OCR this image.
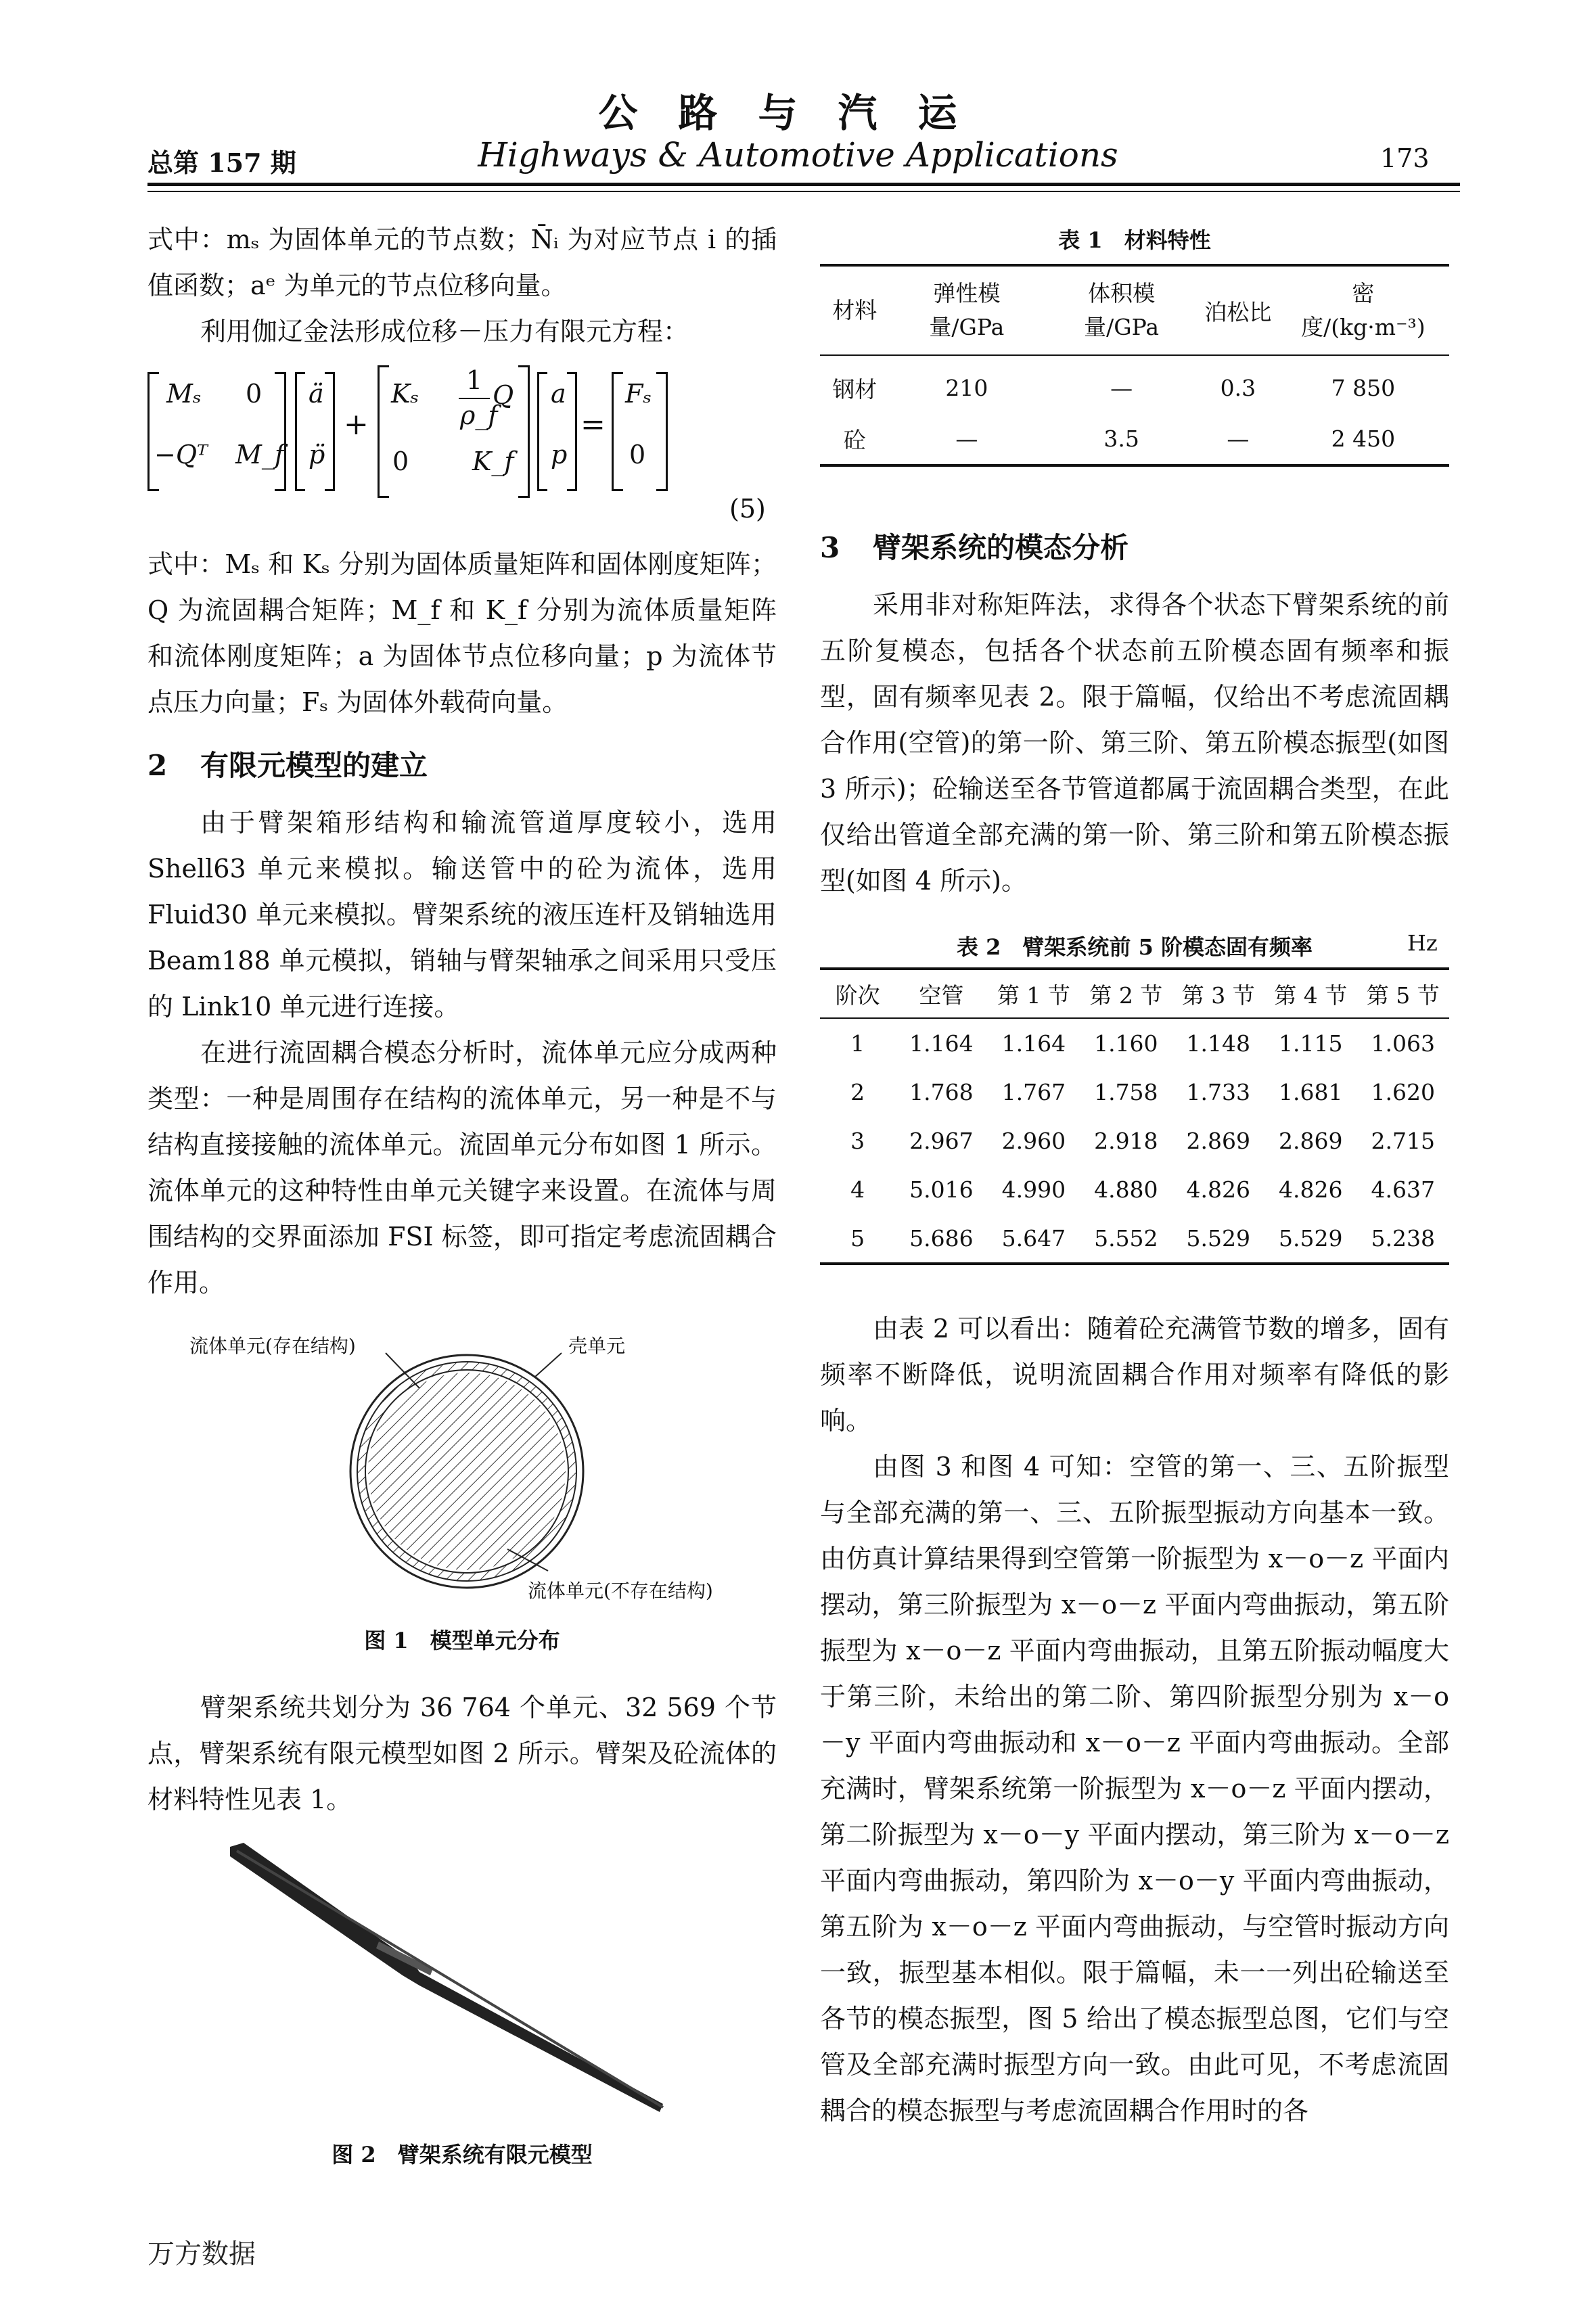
公路与汽运
总第 157 期	Highways & Automotive Applications	173

式中：mₛ 为固体单元的节点数；N̄ᵢ 为对应节点 i 的插值函数；aᵉ 为单元的节点位移向量。

利用伽辽金法形成位移－压力有限元方程：

Mₛ 0
−Qᵀ M_f
ä
p̈
+
Kₛ 1
ρ_f
Q
0 K_f
a
p
=
Fₛ
0
(5)

式中：Mₛ 和 Kₛ 分别为固体质量矩阵和固体刚度矩阵；Q 为流固耦合矩阵；M_f 和 K_f 分别为流体质量矩阵和流体刚度矩阵；a 为固体节点位移向量；p 为流体节点压力向量；Fₛ 为固体外载荷向量。

2 有限元模型的建立

由于臂架箱形结构和输流管道厚度较小，选用 Shell63 单元来模拟。输送管中的砼为流体，选用 Fluid30 单元来模拟。臂架系统的液压连杆及销轴选用 Beam188 单元模拟，销轴与臂架轴承之间采用只受压的 Link10 单元进行连接。

在进行流固耦合模态分析时，流体单元应分成两种类型：一种是周围存在结构的流体单元，另一种是不与结构直接接触的流体单元。流固单元分布如图 1 所示。流体单元的这种特性由单元关键字来设置。在流体与周围结构的交界面添加 FSI 标签，即可指定考虑流固耦合作用。

流体单元(存在结构)	壳单元
流体单元(不存在结构)
图 1　模型单元分布

臂架系统共划分为 36 764 个单元、32 569 个节点，臂架系统有限元模型如图 2 所示。臂架及砼流体的材料特性见表 1。

图 2　臂架系统有限元模型
表 1　材料特性
材料	弹性模量/GPa	体积模量/GPa	泊松比	密度/(kg·m⁻³)
钢材	210	—	0.3	7 850
砼	—	3.5	—	2 450

3 臂架系统的模态分析

采用非对称矩阵法，求得各个状态下臂架系统的前五阶复模态，包括各个状态前五阶模态固有频率和振型，固有频率见表 2。限于篇幅，仅给出不考虑流固耦合作用(空管)的第一阶、第三阶、第五阶模态振型(如图 3 所示)；砼输送至各节管道都属于流固耦合类型，在此仅给出管道全部充满的第一阶、第三阶和第五阶模态振型(如图 4 所示)。

表 2　臂架系统前 5 阶模态固有频率	Hz
阶次	空管	第 1 节	第 2 节	第 3 节	第 4 节	第 5 节
1	1.164	1.164	1.160	1.148	1.115	1.063
2	1.768	1.767	1.758	1.733	1.681	1.620
3	2.967	2.960	2.918	2.869	2.869	2.715
4	5.016	4.990	4.880	4.826	4.826	4.637
5	5.686	5.647	5.552	5.529	5.529	5.238

由表 2 可以看出：随着砼充满管节数的增多，固有频率不断降低，说明流固耦合作用对频率有降低的影响。

由图 3 和图 4 可知：空管的第一、三、五阶振型与全部充满的第一、三、五阶振型振动方向基本一致。由仿真计算结果得到空管第一阶振型为 x－o－z 平面内摆动，第三阶振型为 x－o－z 平面内弯曲振动，第五阶振型为 x－o－z 平面内弯曲振动，且第五阶振动幅度大于第三阶，未给出的第二阶、第四阶振型分别为 x－o－y 平面内弯曲振动和 x－o－z 平面内弯曲振动。全部充满时，臂架系统第一阶振型为 x－o－z 平面内摆动，第二阶振型为 x－o－y 平面内摆动，第三阶为 x－o－z 平面内弯曲振动，第四阶为 x－o－y 平面内弯曲振动，第五阶为 x－o－z 平面内弯曲振动，与空管时振动方向一致，振型基本相似。限于篇幅，未一一列出砼输送至各节的模态振型，图 5 给出了模态振型总图，它们与空管及全部充满时振型方向一致。由此可见，不考虑流固耦合的模态振型与考虑流固耦合作用时的各

万方数据
